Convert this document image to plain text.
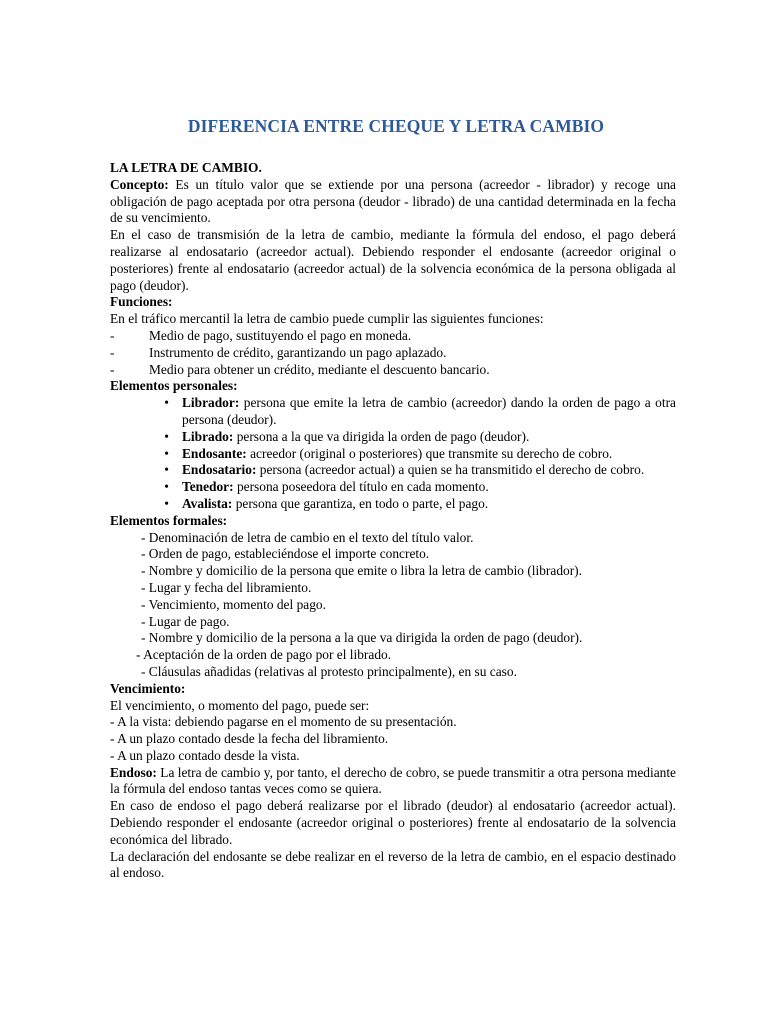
DIFERENCIA ENTRE CHEQUE Y LETRA CAMBIO

LA LETRA DE CAMBIO.

Concepto: Es un título valor que se extiende por una persona (acreedor - librador) y recoge una obligación de pago aceptada por otra persona (deudor - librado) de una cantidad determinada en la fecha de su vencimiento.

En el caso de transmisión de la letra de cambio, mediante la fórmula del endoso, el pago deberá realizarse al endosatario (acreedor actual). Debiendo responder el endosante (acreedor original o posteriores) frente al endosatario (acreedor actual) de la solvencia económica de la persona obligada al pago (deudor).

Funciones:

En el tráfico mercantil la letra de cambio puede cumplir las siguientes funciones:

-	Medio de pago, sustituyendo el pago en moneda.
-	Instrumento de crédito, garantizando un pago aplazado.
-	Medio para obtener un crédito, mediante el descuento bancario.

Elementos personales:

• Librador: persona que emite la letra de cambio (acreedor) dando la orden de pago a otra persona (deudor).
• Librado: persona a la que va dirigida la orden de pago (deudor).
• Endosante: acreedor (original o posteriores) que transmite su derecho de cobro.
• Endosatario: persona (acreedor actual) a quien se ha transmitido el derecho de cobro.
• Tenedor: persona poseedora del título en cada momento.
• Avalista: persona que garantiza, en todo o parte, el pago.

Elementos formales:

- Denominación de letra de cambio en el texto del título valor.

- Orden de pago, estableciéndose el importe concreto.

- Nombre y domicilio de la persona que emite o libra la letra de cambio (librador).

- Lugar y fecha del libramiento.

- Vencimiento, momento del pago.

- Lugar de pago.

- Nombre y domicilio de la persona a la que va dirigida la orden de pago (deudor).

- Aceptación de la orden de pago por el librado.

- Cláusulas añadidas (relativas al protesto principalmente), en su caso.

Vencimiento:

El vencimiento, o momento del pago, puede ser:

- A la vista: debiendo pagarse en el momento de su presentación.

- A un plazo contado desde la fecha del libramiento.

- A un plazo contado desde la vista.

Endoso: La letra de cambio y, por tanto, el derecho de cobro, se puede transmitir a otra persona mediante la fórmula del endoso tantas veces como se quiera.

En caso de endoso el pago deberá realizarse por el librado (deudor) al endosatario (acreedor actual). Debiendo responder el endosante (acreedor original o posteriores) frente al endosatario de la solvencia económica del librado.

La declaración del endosante se debe realizar en el reverso de la letra de cambio, en el espacio destinado al endoso.
